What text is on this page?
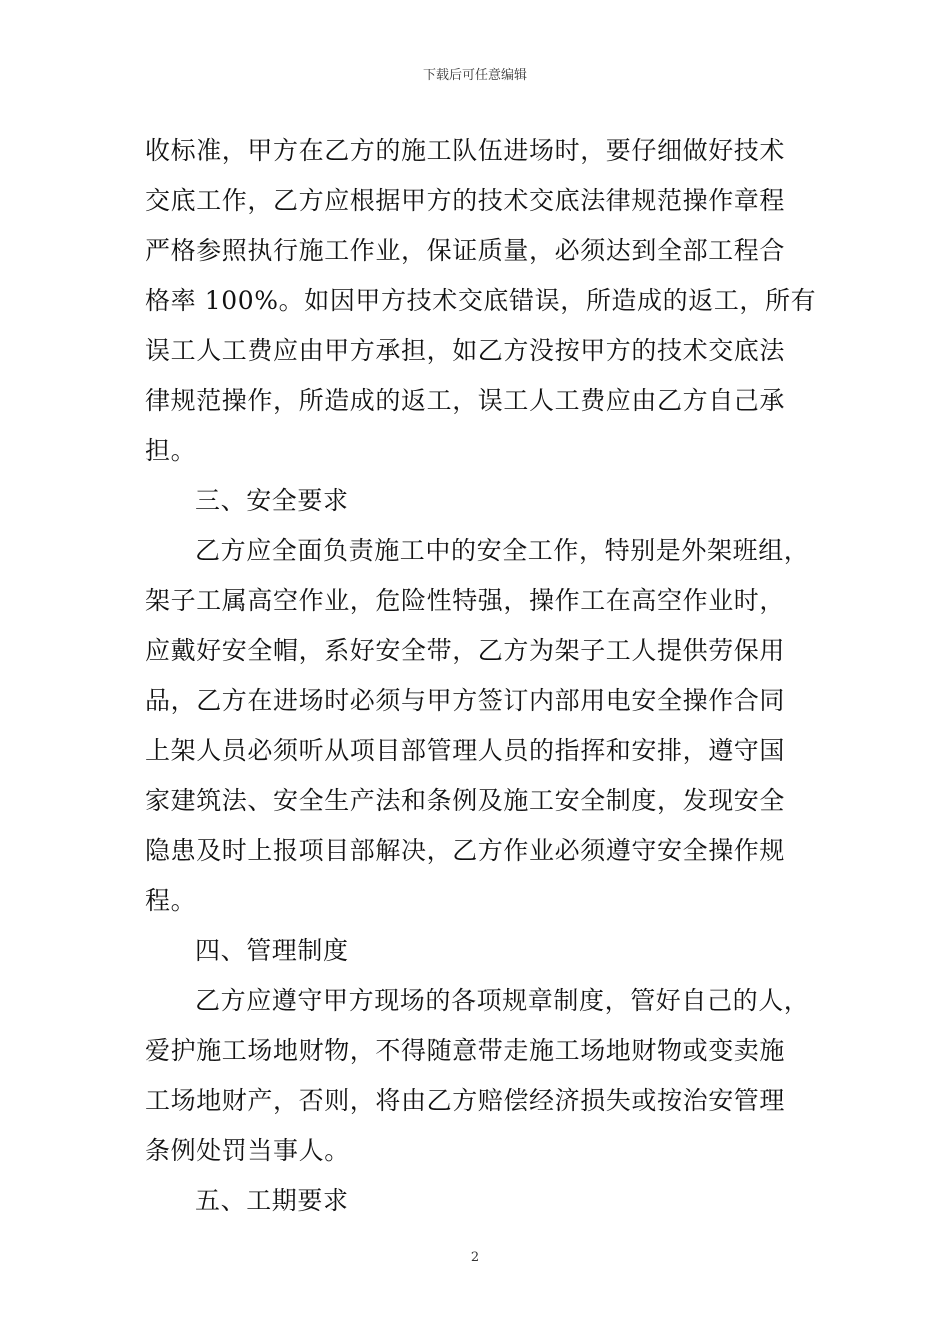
下载后可任意编辑
收标准，甲方在乙方的施工队伍进场时，要仔细做好技术
交底工作，乙方应根据甲方的技术交底法律规范操作章程
严格参照执行施工作业，保证质量，必须达到全部工程合
格率 100%。如因甲方技术交底错误，所造成的返工，所有
误工人工费应由甲方承担，如乙方没按甲方的技术交底法
律规范操作，所造成的返工，误工人工费应由乙方自己承
担。
三、安全要求
乙方应全面负责施工中的安全工作，特别是外架班组，
架子工属高空作业，危险性特强，操作工在高空作业时，
应戴好安全帽，系好安全带，乙方为架子工人提供劳保用
品，乙方在进场时必须与甲方签订内部用电安全操作合同
上架人员必须听从项目部管理人员的指挥和安排，遵守国
家建筑法、安全生产法和条例及施工安全制度，发现安全
隐患及时上报项目部解决，乙方作业必须遵守安全操作规
程。
四、管理制度
乙方应遵守甲方现场的各项规章制度，管好自己的人，
爱护施工场地财物，不得随意带走施工场地财物或变卖施
工场地财产，否则，将由乙方赔偿经济损失或按治安管理
条例处罚当事人。
五、工期要求
2
